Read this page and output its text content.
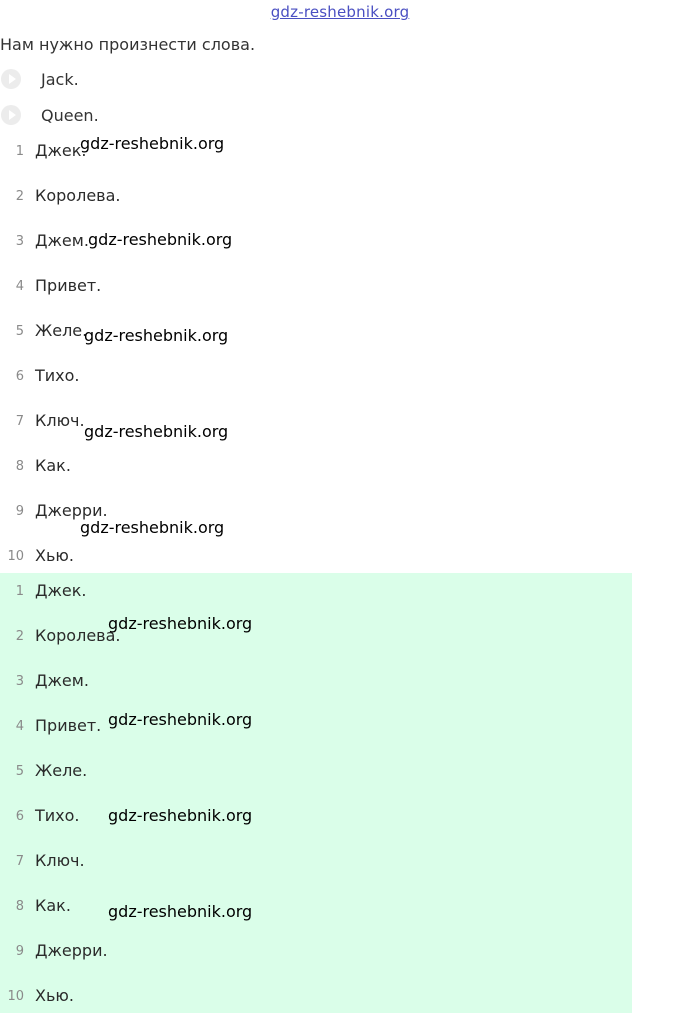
gdz-reshebnik.org
Нам нужно произнести слова.
Jack.
Queen.
1 Джек.
2 Королева.
3 Джем.
4 Привет.
5 Желе.
6 Тихо.
7 Ключ.
8 Как.
9 Джерри.
10 Хью.
1 Джек.
2 Королева.
3 Джем.
4 Привет.
5 Желе.
6 Тихо.
7 Ключ.
8 Как.
9 Джерри.
10 Хью.
gdz-reshebnik.org
gdz-reshebnik.org
gdz-reshebnik.org
gdz-reshebnik.org
gdz-reshebnik.org
gdz-reshebnik.org
gdz-reshebnik.org
gdz-reshebnik.org
gdz-reshebnik.org
